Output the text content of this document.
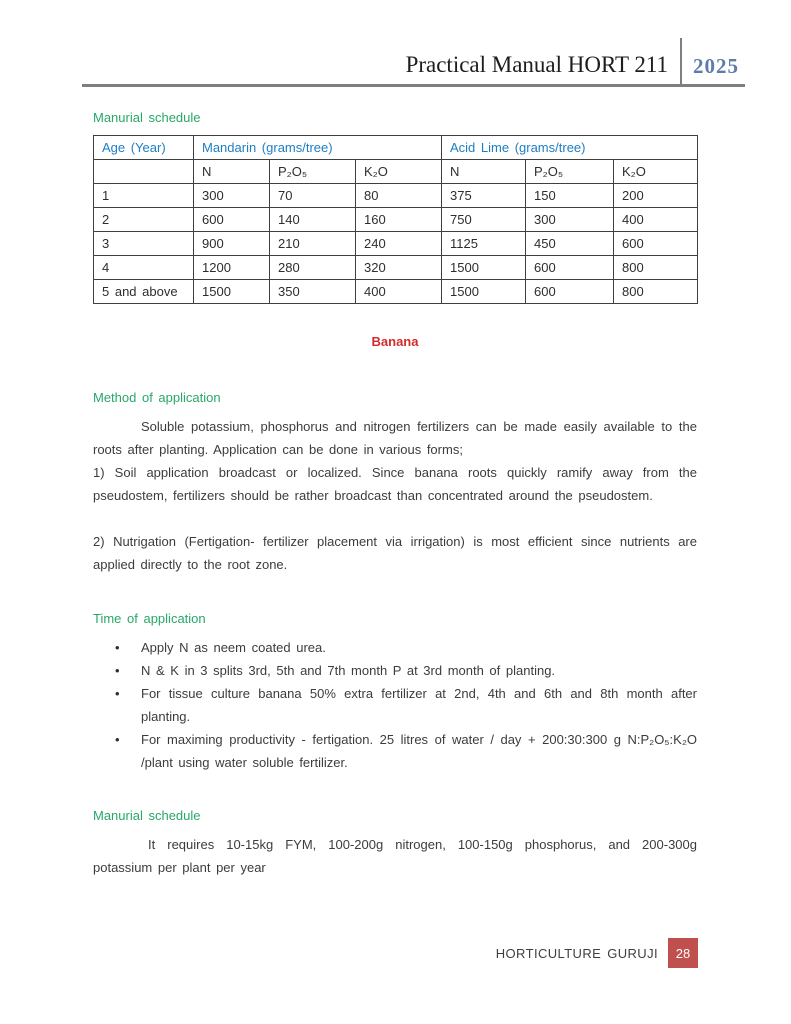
Practical Manual HORT 211	2025
Manurial schedule
Age (Year)	Mandarin (grams/tree)			Acid Lime (grams/tree)		
	N	P₂O₅	K₂O	N	P₂O₅	K₂O
1	300	70	80	375	150	200
2	600	140	160	750	300	400
3	900	210	240	1125	450	600
4	1200	280	320	1500	600	800
5 and above	1500	350	400	1500	600	800
Banana
Method of application

Soluble potassium, phosphorus and nitrogen fertilizers can be made easily available to the roots after planting. Application can be done in various forms;

1) Soil application broadcast or localized. Since banana roots quickly ramify away from the pseudostem, fertilizers should be rather broadcast than concentrated around the pseudostem.

2) Nutrigation (Fertigation- fertilizer placement via irrigation) is most efficient since nutrients are applied directly to the root zone.

Time of application
•

Apply N as neem coated urea.

•

N & K in 3 splits 3rd, 5th and 7th month P at 3rd month of planting.

•

For tissue culture banana 50% extra fertilizer at 2nd, 4th and 6th and 8th month after planting.

•

For maximing productivity - fertigation. 25 litres of water / day + 200:30:300 g N:P₂O₅:K₂O /plant using water soluble fertilizer.

Manurial schedule

It requires 10-15kg FYM, 100-200g nitrogen, 100-150g phosphorus, and 200-300g potassium per plant per year

HORTICULTURE GURUJI	28
